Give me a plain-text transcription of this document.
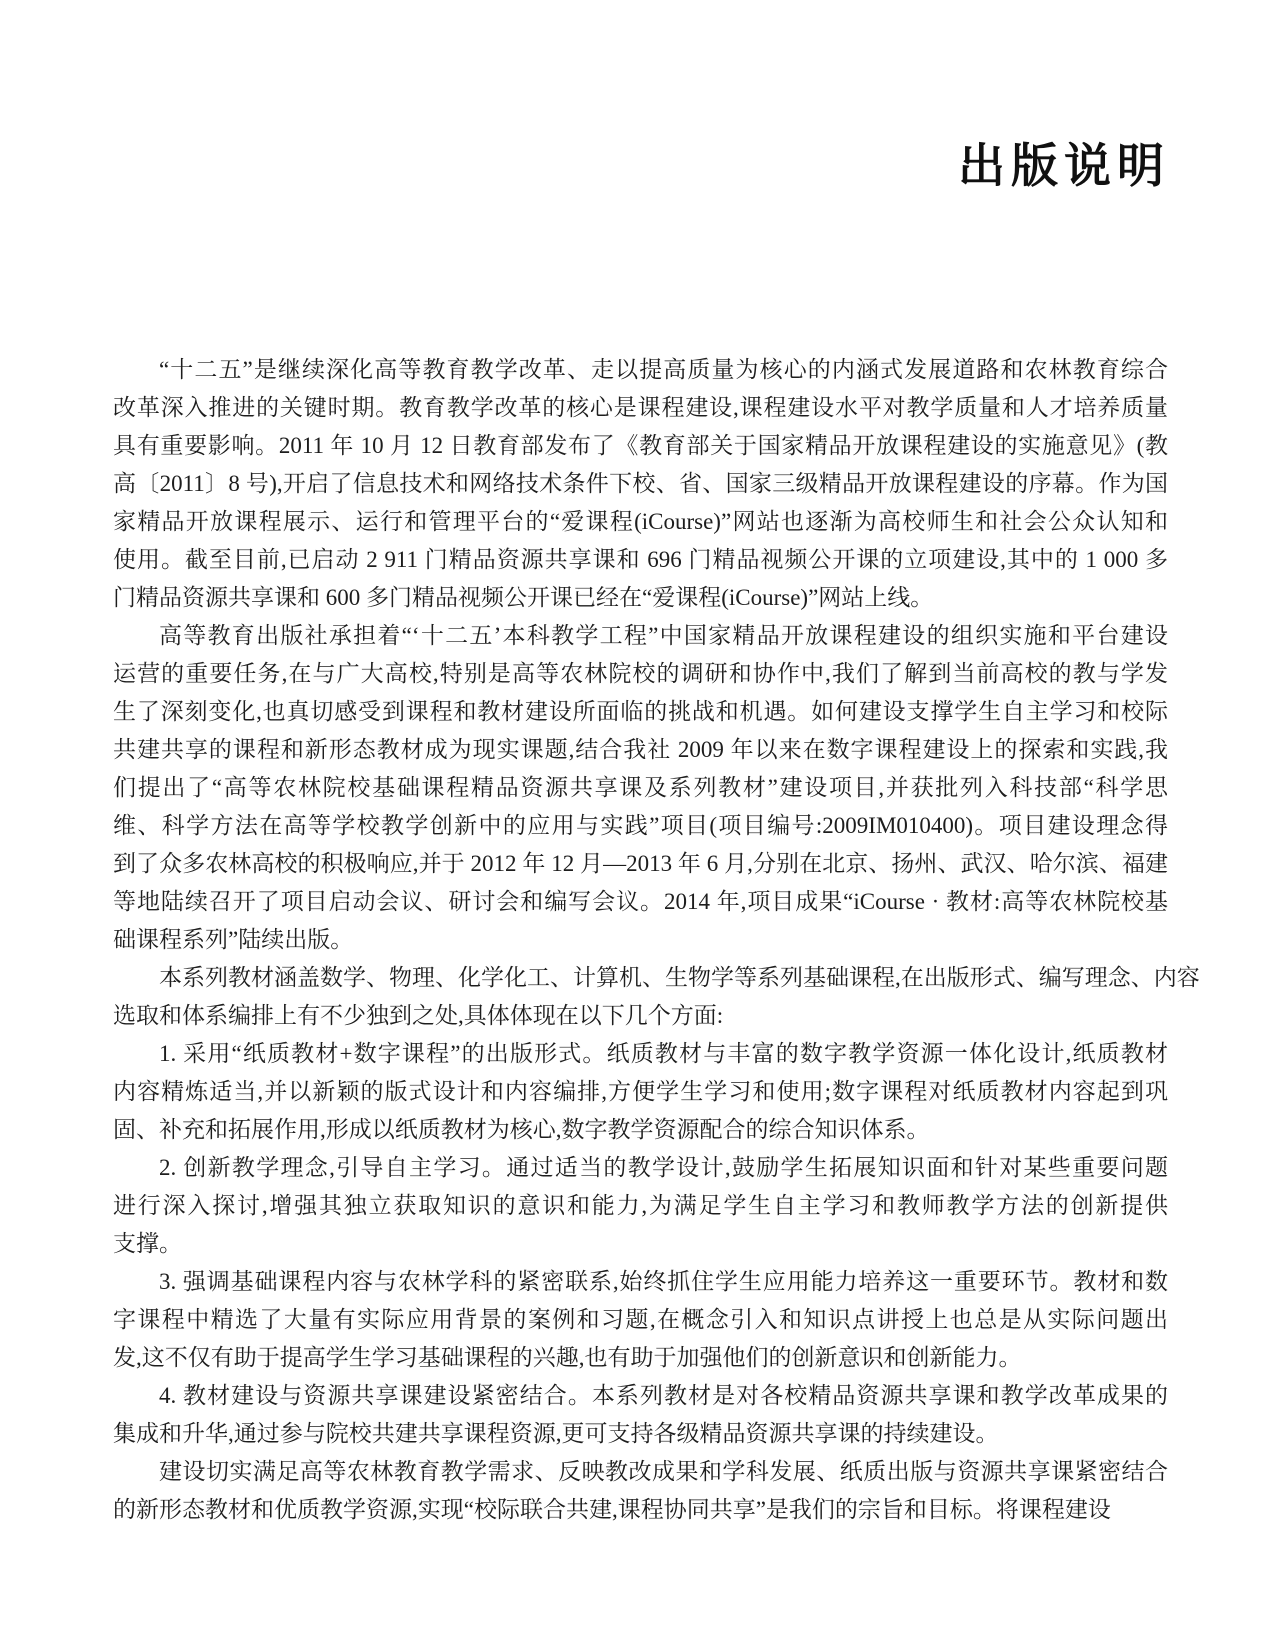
出版说明
“十二五”是继续深化高等教育教学改革、走以提高质量为核心的内涵式发展道路和农林教育综合
改革深入推进的关键时期。教育教学改革的核心是课程建设,课程建设水平对教学质量和人才培养质量
具有重要影响。2011 年 10 月 12 日教育部发布了《教育部关于国家精品开放课程建设的实施意见》(教
高〔2011〕8 号),开启了信息技术和网络技术条件下校、省、国家三级精品开放课程建设的序幕。作为国
家精品开放课程展示、运行和管理平台的“爱课程(iCourse)”网站也逐渐为高校师生和社会公众认知和
使用。截至目前,已启动 2 911 门精品资源共享课和 696 门精品视频公开课的立项建设,其中的 1 000 多
门精品资源共享课和 600 多门精品视频公开课已经在“爱课程(iCourse)”网站上线。
高等教育出版社承担着“‘十二五’本科教学工程”中国家精品开放课程建设的组织实施和平台建设
运营的重要任务,在与广大高校,特别是高等农林院校的调研和协作中,我们了解到当前高校的教与学发
生了深刻变化,也真切感受到课程和教材建设所面临的挑战和机遇。如何建设支撑学生自主学习和校际
共建共享的课程和新形态教材成为现实课题,结合我社 2009 年以来在数字课程建设上的探索和实践,我
们提出了“高等农林院校基础课程精品资源共享课及系列教材”建设项目,并获批列入科技部“科学思
维、科学方法在高等学校教学创新中的应用与实践”项目(项目编号:2009IM010400)。项目建设理念得
到了众多农林高校的积极响应,并于 2012 年 12 月—2013 年 6 月,分别在北京、扬州、武汉、哈尔滨、福建
等地陆续召开了项目启动会议、研讨会和编写会议。2014 年,项目成果“iCourse · 教材:高等农林院校基
础课程系列”陆续出版。
本系列教材涵盖数学、物理、化学化工、计算机、生物学等系列基础课程,在出版形式、编写理念、内容
选取和体系编排上有不少独到之处,具体体现在以下几个方面:
1. 采用“纸质教材+数字课程”的出版形式。纸质教材与丰富的数字教学资源一体化设计,纸质教材
内容精炼适当,并以新颖的版式设计和内容编排,方便学生学习和使用;数字课程对纸质教材内容起到巩
固、补充和拓展作用,形成以纸质教材为核心,数字教学资源配合的综合知识体系。
2. 创新教学理念,引导自主学习。通过适当的教学设计,鼓励学生拓展知识面和针对某些重要问题
进行深入探讨,增强其独立获取知识的意识和能力,为满足学生自主学习和教师教学方法的创新提供
支撑。
3. 强调基础课程内容与农林学科的紧密联系,始终抓住学生应用能力培养这一重要环节。教材和数
字课程中精选了大量有实际应用背景的案例和习题,在概念引入和知识点讲授上也总是从实际问题出
发,这不仅有助于提高学生学习基础课程的兴趣,也有助于加强他们的创新意识和创新能力。
4. 教材建设与资源共享课建设紧密结合。本系列教材是对各校精品资源共享课和教学改革成果的
集成和升华,通过参与院校共建共享课程资源,更可支持各级精品资源共享课的持续建设。
建设切实满足高等农林教育教学需求、反映教改成果和学科发展、纸质出版与资源共享课紧密结合
的新形态教材和优质教学资源,实现“校际联合共建,课程协同共享”是我们的宗旨和目标。将课程建设
